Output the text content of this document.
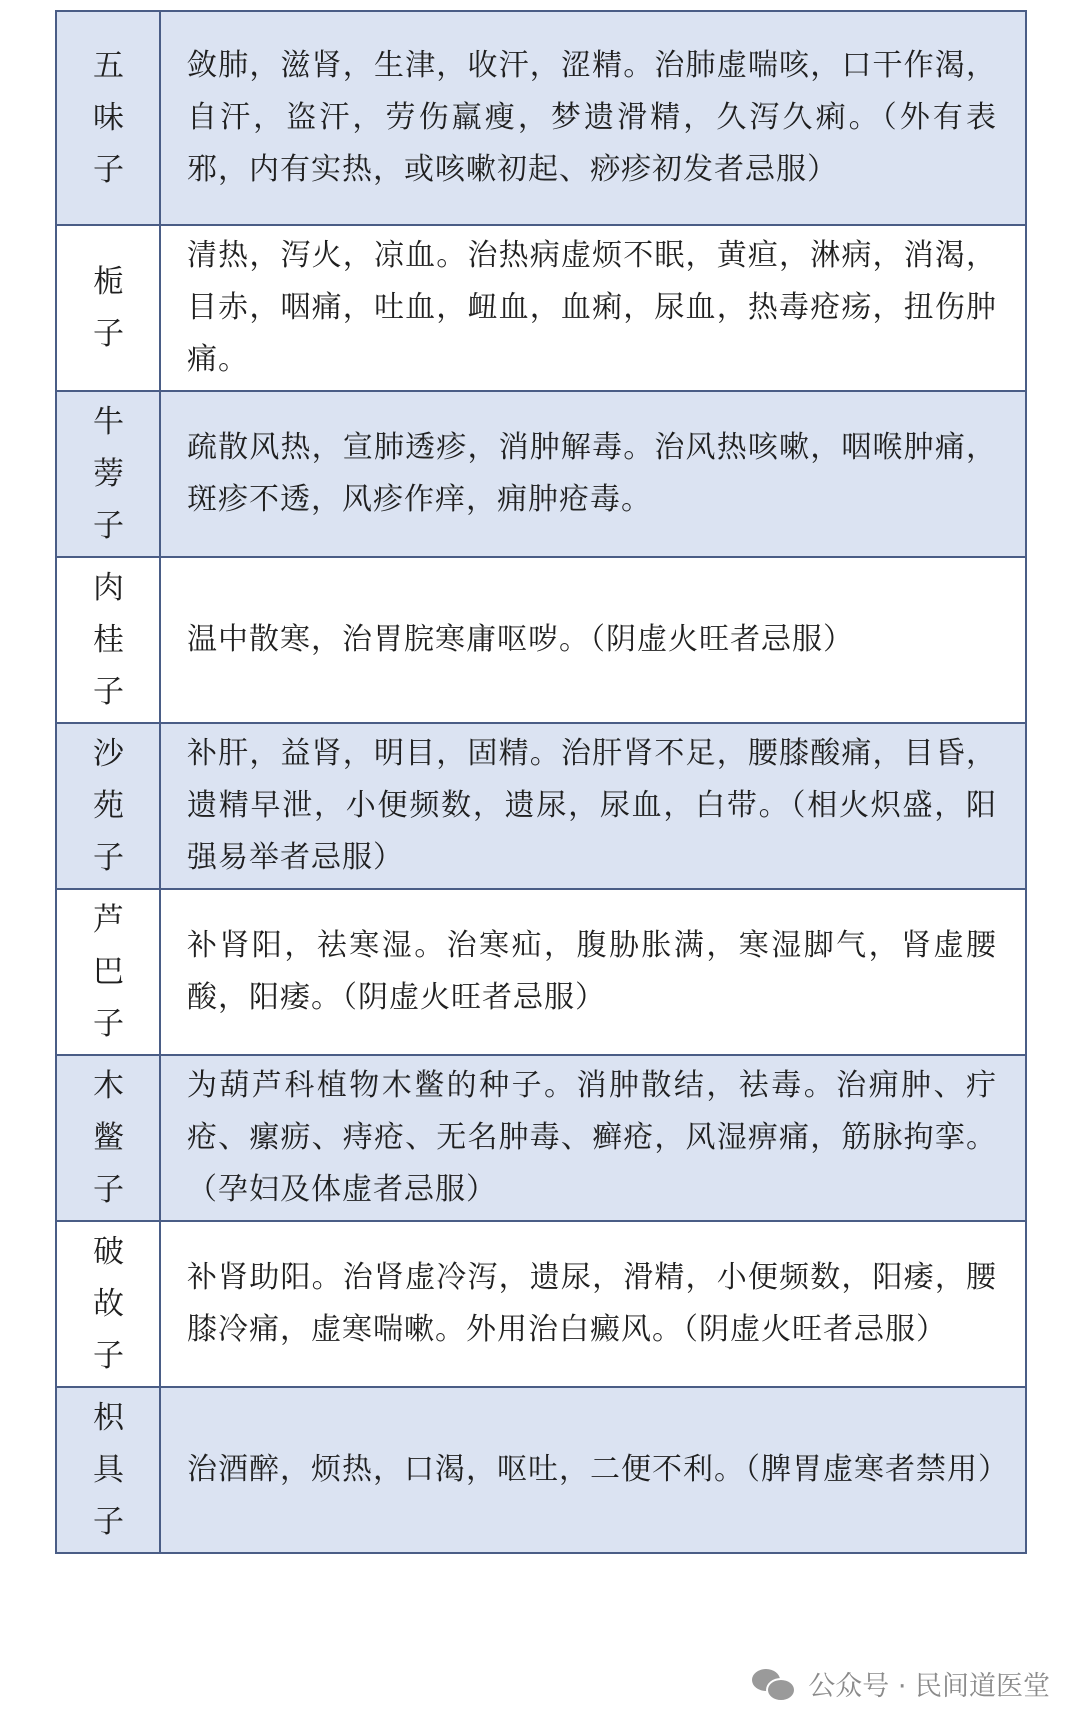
五味子	敛肺，滋肾，生津，收汗，涩精。治肺虚喘咳，口干作渴，自汗，盗汗，劳伤羸瘦，梦遗滑精，久泻久痢。（外有表邪，内有实热，或咳嗽初起、痧疹初发者忌服）
栀子	清热，泻火，凉血。治热病虚烦不眠，黄疸，淋病，消渴，目赤，咽痛，吐血，衄血，血痢，尿血，热毒疮疡，扭伤肿痛。
牛蒡子	疏散风热，宣肺透疹，消肿解毒。治风热咳嗽，咽喉肿痛，斑疹不透，风疹作痒，痈肿疮毒。
肉桂子	温中散寒，治胃脘寒庸呕哕。（阴虚火旺者忌服）
沙苑子	补肝，益肾，明目，固精。治肝肾不足，腰膝酸痛，目昏，遗精早泄，小便频数，遗尿，尿血，白带。（相火炽盛，阳强易举者忌服）
芦巴子	补肾阳，祛寒湿。治寒疝，腹胁胀满，寒湿脚气，肾虚腰酸，阳痿。（阴虚火旺者忌服）
木鳖子	为葫芦科植物木鳖的种子。消肿散结，祛毒。治痈肿、疔疮、瘰疬、痔疮、无名肿毒、癣疮，风湿痹痛，筋脉拘挛。（孕妇及体虚者忌服）
破故子	补肾助阳。治肾虚冷泻，遗尿，滑精，小便频数，阳痿，腰膝冷痛，虚寒喘嗽。外用治白癜风。（阴虚火旺者忌服）
枳具子	治酒醉，烦热，口渴，呕吐，二便不利。（脾胃虚寒者禁用）
公众号 · 民间道医堂
